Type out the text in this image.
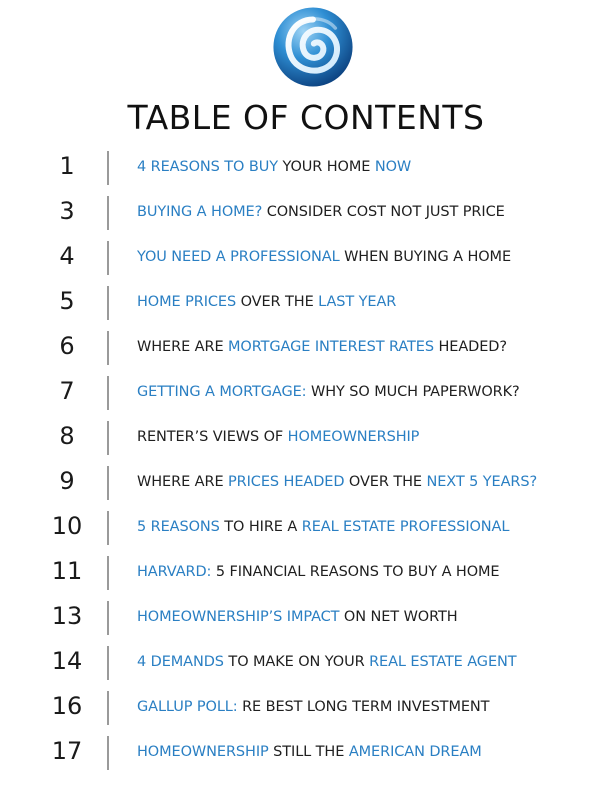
TABLE OF CONTENTS
1	4 REASONS TO BUY YOUR HOME NOW
3	BUYING A HOME? CONSIDER COST NOT JUST PRICE
4	YOU NEED A PROFESSIONAL WHEN BUYING A HOME
5	HOME PRICES OVER THE LAST YEAR
6	WHERE ARE MORTGAGE INTEREST RATES HEADED?
7	GETTING A MORTGAGE: WHY SO MUCH PAPERWORK?
8	RENTER’S VIEWS OF HOMEOWNERSHIP
9	WHERE ARE PRICES HEADED OVER THE NEXT 5 YEARS?
10	5 REASONS TO HIRE A REAL ESTATE PROFESSIONAL
11	HARVARD: 5 FINANCIAL REASONS TO BUY A HOME
13	HOMEOWNERSHIP’S IMPACT ON NET WORTH
14	4 DEMANDS TO MAKE ON YOUR REAL ESTATE AGENT
16	GALLUP POLL: RE BEST LONG TERM INVESTMENT
17	HOMEOWNERSHIP STILL THE AMERICAN DREAM
